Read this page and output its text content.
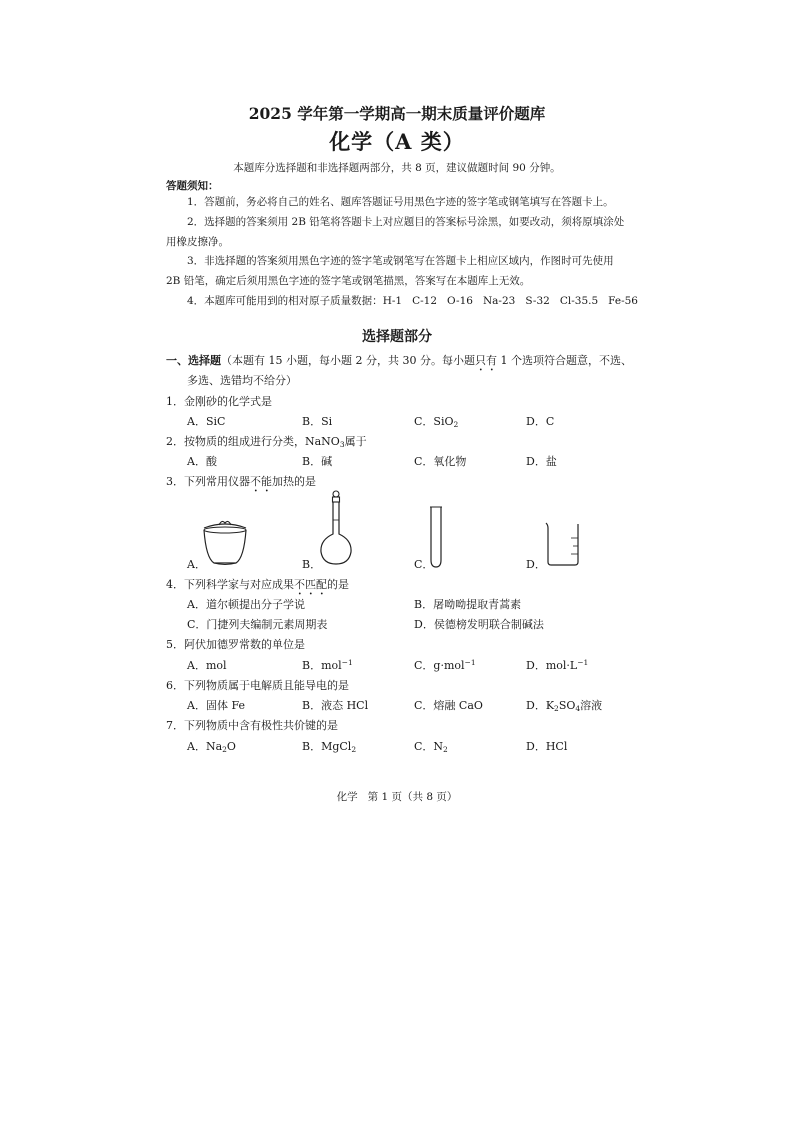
2025 学年第一学期高一期末质量评价题库
化学（A 类）
本题库分选择题和非选择题两部分，共 8 页，建议做题时间 90 分钟。
答题须知：
1．答题前，务必将自己的姓名、题库答题证号用黑色字迹的签字笔或钢笔填写在答题卡上。
2．选择题的答案须用 2B 铅笔将答题卡上对应题目的答案标号涂黑，如要改动，须将原填涂处
用橡皮擦净。
3．非选择题的答案须用黑色字迹的签字笔或钢笔写在答题卡上相应区域内，作图时可先使用
2B 铅笔，确定后须用黑色字迹的签字笔或钢笔描黑，答案写在本题库上无效。
4．本题库可能用到的相对原子质量数据：H-1   C-12   O-16   Na-23   S-32   Cl-35.5   Fe-56
选择题部分
一、选择题（本题有 15 小题，每小题 2 分，共 30 分。每小题只有 1 个选项符合题意，不选、
多选、选错均不给分）
1．金刚砂的化学式是
A．SiC	B．Si	C．SiO$_2$	D．C
2．按物质的组成进行分类，NaNO$_3$属于
A．酸	B．碱	C．氧化物	D．盐
3．下列常用仪器不能加热的是
A．	B．	C．	D．
4．下列科学家与对应成果不匹配的是
A．道尔顿提出分子学说	B．屠呦呦提取青蒿素
C．门捷列夫编制元素周期表	D．侯德榜发明联合制碱法
5．阿伏加德罗常数的单位是
A．mol	B．mol$^{-1}$	C．g·mol$^{-1}$	D．$mol\cdot L^{-1}$
6．下列物质属于电解质且能导电的是
A．固体 Fe	B．液态 HCl	C．熔融 CaO	D．$K_2SO_4$溶液
7．下列物质中含有极性共价键的是
A．$Na_2O$	B．MgCl$_2$	C．$N_2$	D．HCl
化学   第 1 页（共 8 页）
